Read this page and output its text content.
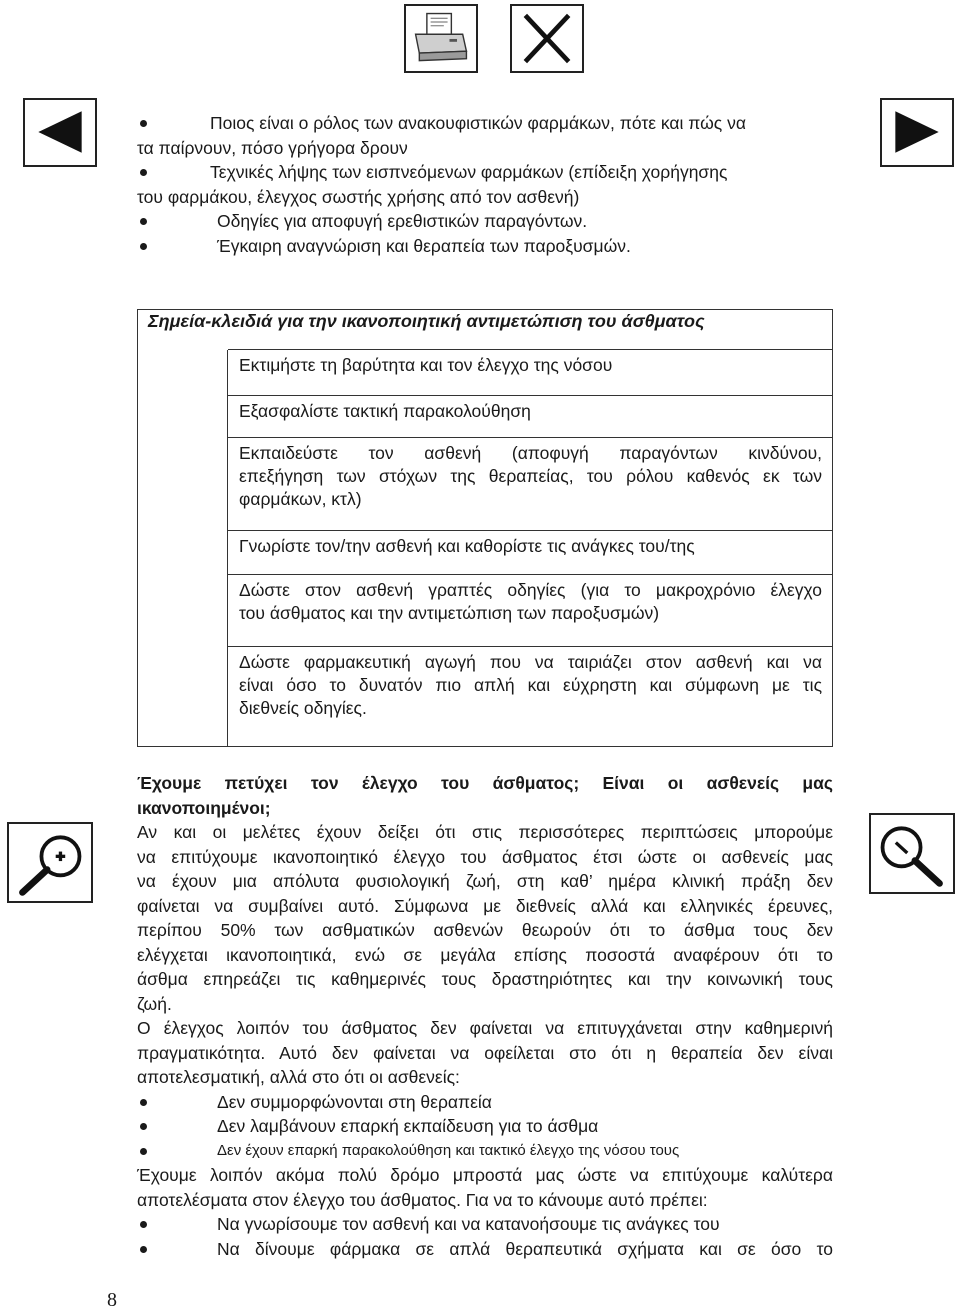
Ποιος είναι ο ρόλος των ανακουφιστικών φαρμάκων, πότε και πώς να
τα παίρνουν, πόσο γρήγορα δρουν
Τεχνικές λήψης των εισπνεόμενων φαρμάκων (επίδειξη χορήγησης
του φαρμάκου, έλεγχος σωστής χρήσης από τον ασθενή)
Οδηγίες για αποφυγή ερεθιστικών παραγόντων.
Έγκαιρη αναγνώριση και θεραπεία των παροξυσμών.
Σημεία-κλειδιά για την ικανοποιητική αντιμετώπιση του άσθματος
Εκτιμήστε τη βαρύτητα και τον έλεγχο της νόσου
Εξασφαλίστε τακτική παρακολούθηση
Εκπαιδεύστε τον ασθενή (αποφυγή παραγόντων κινδύνου,
επεξήγηση των στόχων της θεραπείας, του ρόλου καθενός εκ των
φαρμάκων, κτλ)
Γνωρίστε τον/την ασθενή και καθορίστε τις ανάγκες του/της
Δώστε στον ασθενή γραπτές οδηγίες (για το μακροχρόνιο έλεγχο
του άσθματος και την αντιμετώπιση των παροξυσμών)
Δώστε φαρμακευτική αγωγή που να ταιριάζει στον ασθενή και να
είναι όσο το δυνατόν πιο απλή και εύχρηστη και σύμφωνη με τις
διεθνείς οδηγίες.
Έχουμε πετύχει τον έλεγχο του άσθματος; Είναι οι ασθενείς μας
ικανοποιημένοι;
Αν και οι μελέτες έχουν δείξει ότι στις περισσότερες περιπτώσεις μπορούμε
να επιτύχουμε ικανοποιητικό έλεγχο του άσθματος έτσι ώστε οι ασθενείς μας
να έχουν μια απόλυτα φυσιολογική ζωή, στη καθ’ ημέρα κλινική πράξη δεν
φαίνεται να συμβαίνει αυτό. Σύμφωνα με διεθνείς αλλά και ελληνικές έρευνες,
περίπου 50% των ασθματικών ασθενών θεωρούν ότι το άσθμα τους δεν
ελέγχεται ικανοποιητικά, ενώ σε μεγάλα επίσης ποσοστά αναφέρουν ότι το
άσθμα επηρεάζει τις καθημερινές τους δραστηριότητες και την κοινωνική τους
ζωή.
Ο έλεγχος λοιπόν του άσθματος δεν φαίνεται να επιτυγχάνεται στην καθημερινή
πραγματικότητα. Αυτό δεν φαίνεται να οφείλεται στο ότι η θεραπεία δεν είναι
αποτελεσματική, αλλά στο ότι οι ασθενείς:
Δεν συμμορφώνονται στη θεραπεία
Δεν λαμβάνουν επαρκή εκπαίδευση για το άσθμα
Δεν έχουν επαρκή παρακολούθηση και τακτικό έλεγχο της νόσου τους
Έχουμε λοιπόν ακόμα πολύ δρόμο μπροστά μας ώστε να επιτύχουμε καλύτερα
αποτελέσματα στον έλεγχο του άσθματος. Για να το κάνουμε αυτό πρέπει:
Να γνωρίσουμε τον ασθενή και να κατανοήσουμε τις ανάγκες του
Να δίνουμε φάρμακα σε απλά θεραπευτικά σχήματα και σε όσο το
8
